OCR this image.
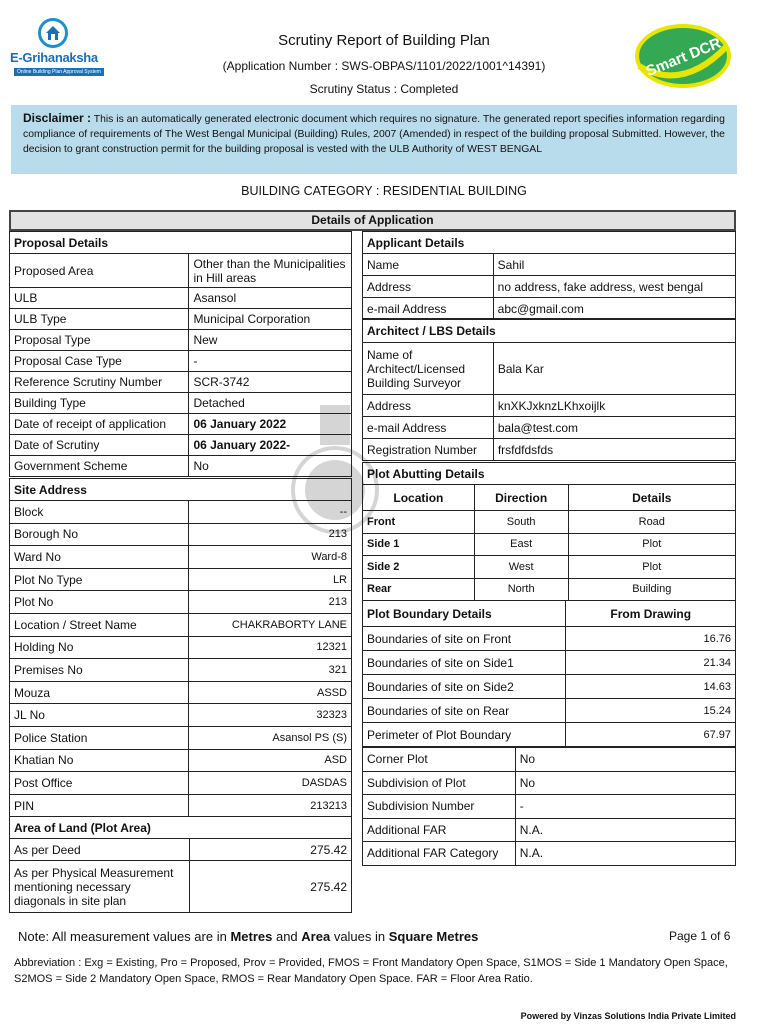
E-Grihanaksha
Online Building Plan Approval System
Scrutiny Report of Building Plan
(Application Number : SWS-OBPAS/1101/2022/1001^14391)
Scrutiny Status : Completed
Smart DCR
Disclaimer : This is an automatically generated electronic document which requires no signature. The generated report specifies information regarding compliance of requirements of The West Bengal Municipal (Building) Rules, 2007 (Amended) in respect of the building proposal Submitted. However, the decision to grant construction permit for the building proposal is vested with the ULB Authority of WEST BENGAL
BUILDING CATEGORY : RESIDENTIAL BUILDING
Details of Application
Proposal Details	
Proposed Area	Other than the Municipalities in Hill areas
ULB	Asansol
ULB Type	Municipal Corporation
Proposal Type	New
Proposal Case Type	-
Reference Scrutiny Number	SCR-3742
Building Type	Detached
Date of receipt of application	06 January 2022
Date of Scrutiny	06 January 2022-
Government Scheme	No
Site Address	
Block	--
Borough No	213
Ward No	Ward-8
Plot No Type	LR
Plot No	213
Location / Street Name	CHAKRABORTY LANE
Holding No	12321
Premises No	321
Mouza	ASSD
JL No	32323
Police Station	Asansol PS (S)
Khatian No	ASD
Post Office	DASDAS
PIN	213213
Area of Land (Plot Area)	
As per Deed	275.42
As per Physical Measurement mentioning necessary diagonals in site plan	275.42
Applicant Details	
Name	Sahil
Address	no address, fake address, west bengal
e-mail Address	abc@gmail.com
Architect / LBS Details	
Name of Architect/Licensed Building Surveyor	Bala Kar
Address	knXKJxknzLKhxoijlk
e-mail Address	bala@test.com
Registration Number	frsfdfdsfds
Plot Abutting Details		
Location	Direction	Details
Front	South	Road
Side 1	East	Plot
Side 2	West	Plot
Rear	North	Building
Plot Boundary Details	From Drawing
Boundaries of site on Front	16.76
Boundaries of site on Side1	21.34
Boundaries of site on Side2	14.63
Boundaries of site on Rear	15.24
Perimeter of Plot Boundary	67.97
Corner Plot	No
Subdivision of Plot	No
Subdivision Number	-
Additional FAR	N.A.
Additional FAR Category	N.A.
Note: All measurement values are in Metres and Area values in Square Metres	Page 1 of 6
Abbreviation : Exg = Existing, Pro = Proposed, Prov = Provided, FMOS = Front Mandatory Open Space, S1MOS = Side 1 Mandatory Open Space, S2MOS = Side 2 Mandatory Open Space, RMOS = Rear Mandatory Open Space. FAR = Floor Area Ratio.
Powered by Vinzas Solutions India Private Limited
